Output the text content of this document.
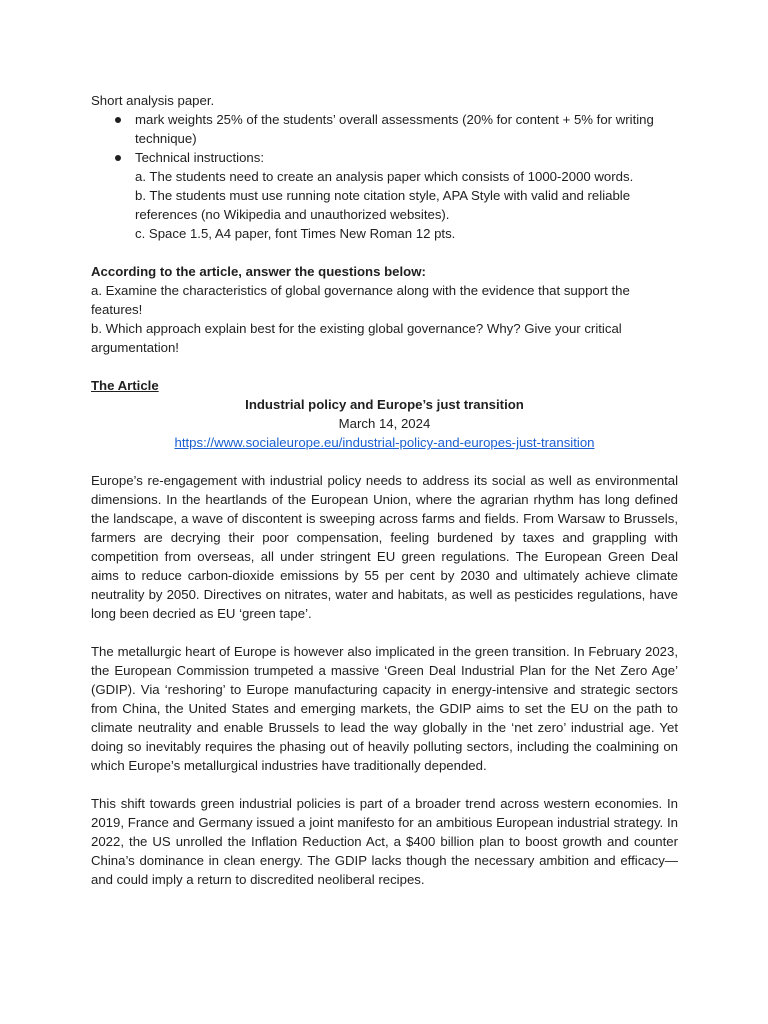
Short analysis paper.

mark weights 25% of the students’ overall assessments (20% for content + 5% for writing technique)
Technical instructions:
a. The students need to create an analysis paper which consists of 1000-2000 words.
b. The students must use running note citation style, APA Style with valid and reliable references (no Wikipedia and unauthorized websites).
c. Space 1.5, A4 paper, font Times New Roman 12 pts.

According to the article, answer the questions below:

a. Examine the characteristics of global governance along with the evidence that support the features!

b. Which approach explain best for the existing global governance? Why? Give your critical argumentation!

The Article

Industrial policy and Europe’s just transition

March 14, 2024

https://www.socialeurope.eu/industrial-policy-and-europes-just-transition

Europe’s re-engagement with industrial policy needs to address its social as well as environmental dimensions. In the heartlands of the European Union, where the agrarian rhythm has long defined the landscape, a wave of discontent is sweeping across farms and fields. From Warsaw to Brussels, farmers are decrying their poor compensation, feeling burdened by taxes and grappling with competition from overseas, all under stringent EU green regulations. The European Green Deal aims to reduce carbon-dioxide emissions by 55 per cent by 2030 and ultimately achieve climate neutrality by 2050. Directives on nitrates, water and habitats, as well as pesticides regulations, have long been decried as EU ‘green tape’.

The metallurgic heart of Europe is however also implicated in the green transition. In February 2023, the European Commission trumpeted a massive ‘Green Deal Industrial Plan for the Net Zero Age’ (GDIP). Via ‘reshoring’ to Europe manufacturing capacity in energy-intensive and strategic sectors from China, the United States and emerging markets, the GDIP aims to set the EU on the path to climate neutrality and enable Brussels to lead the way globally in the ‘net zero’ industrial age. Yet doing so inevitably requires the phasing out of heavily polluting sectors, including the coalmining on which Europe’s metallurgical industries have traditionally depended.

This shift towards green industrial policies is part of a broader trend across western economies. In 2019, France and Germany issued a joint manifesto for an ambitious European industrial strategy. In 2022, the US unrolled the Inflation Reduction Act, a $400 billion plan to boost growth and counter China’s dominance in clean energy. The GDIP lacks though the necessary ambition and efficacy—and could imply a return to discredited neoliberal recipes.
